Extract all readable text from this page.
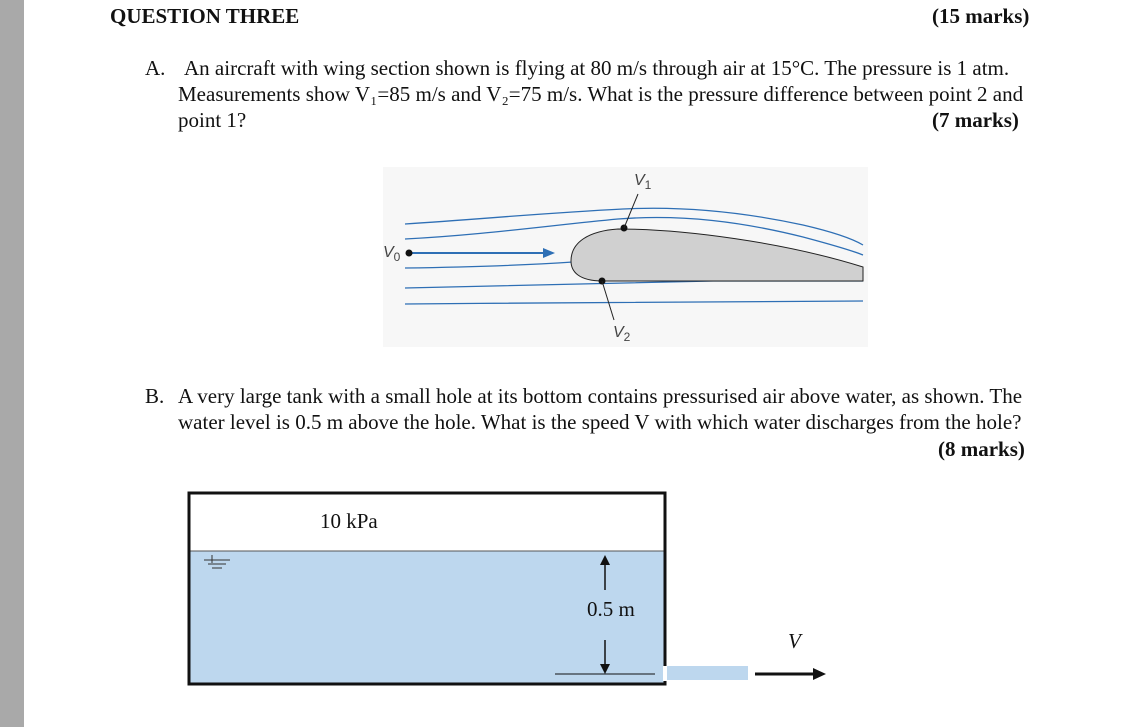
QUESTION THREE	(15 marks)
A. An aircraft with wing section shown is flying at 80 m/s through air at 15°C. The pressure is 1 atm.
Measurements show V₁=85 m/s and V₂=75 m/s. What is the pressure difference between point 2 and
point 1?	(7 marks)
$V_0$
$V_1$
$V_2$
B. A very large tank with a small hole at its bottom contains pressurised air above water, as shown. The
water level is 0.5 m above the hole. What is the speed V with which water discharges from the hole?
(8 marks)
10 kPa
0.5 m
V
